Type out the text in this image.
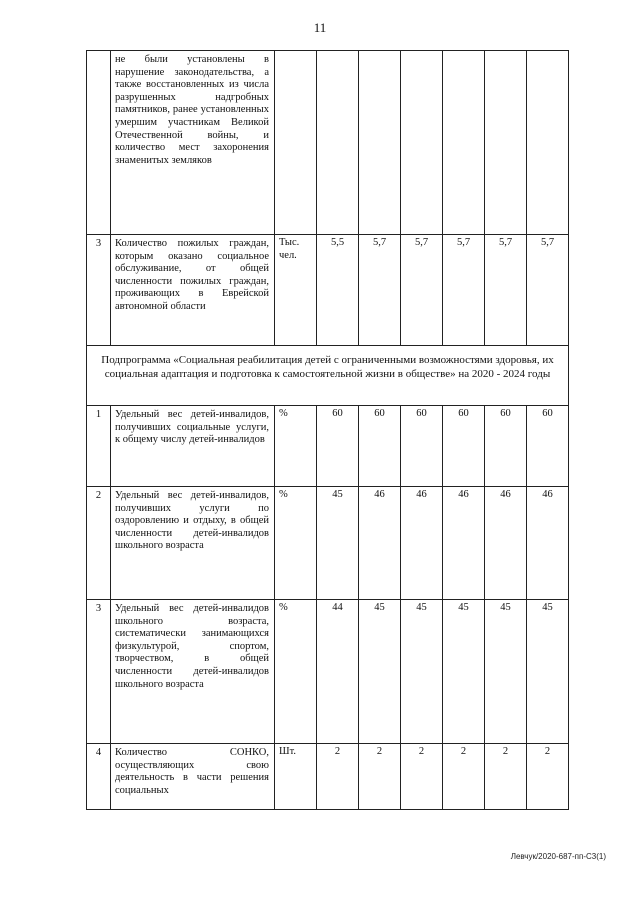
11
	не были установлены в нарушение законодательства, а также восстановленных из числа разрушенных надгробных памятников, ранее установленных умершим участникам Великой Отечественной войны, и количество мест захоронения знаменитых земляков							
3	Количество пожилых граждан, которым оказано социальное обслуживание, от общей численности пожилых граждан, проживающих в Еврейской автономной области	Тыс. чел.	5,5	5,7	5,7	5,7	5,7	5,7
Подпрограмма «Социальная реабилитация детей с ограниченными возможностями здоровья, их социальная адаптация и подготовка к самостоятельной жизни в обществе» на 2020 - 2024 годы								
1	Удельный вес детей-инвалидов, получивших социальные услуги, к общему числу детей-инвалидов	%	60	60	60	60	60	60
2	Удельный вес детей-инвалидов, получивших услуги по оздоровлению и отдыху, в общей численности детей-инвалидов школьного возраста	%	45	46	46	46	46	46
3	Удельный вес детей-инвалидов школьного возраста, систематически занимающихся физкультурой, спортом, творчеством, в общей численности детей-инвалидов школьного возраста	%	44	45	45	45	45	45
4	Количество СОНКО, осуществляющих свою деятельность в части решения социальных	Шт.	2	2	2	2	2	2
Левчук/2020-687-пп-С3(1)
